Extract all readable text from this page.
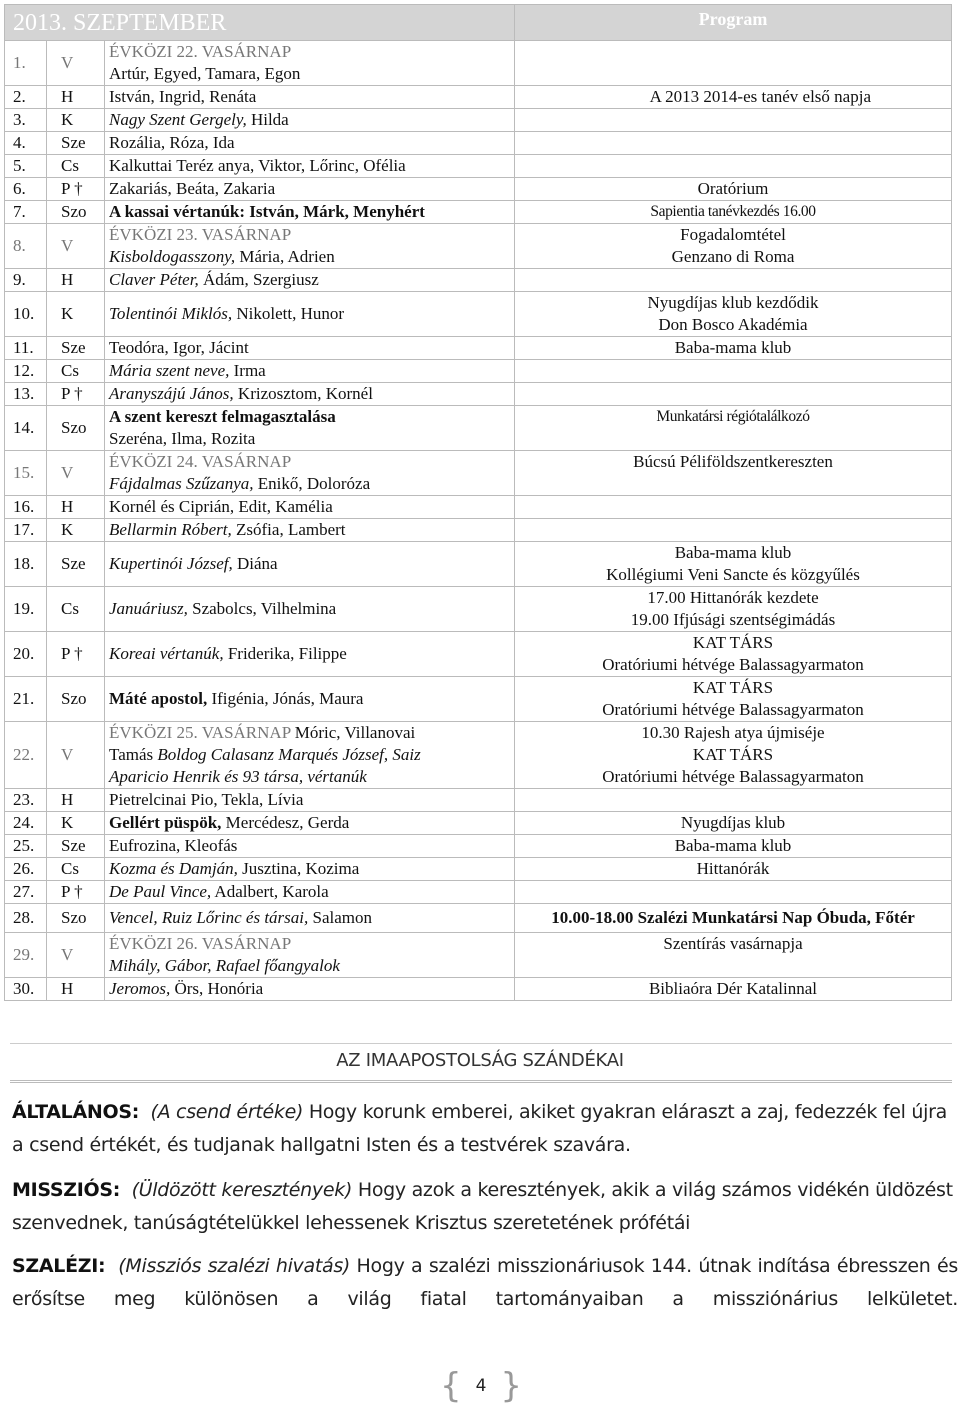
2013. SZEPTEMBER			Program
1.	V	ÉVKÖZI 22. VASÁRNAP
Artúr, Egyed, Tamara, Egon	

2.	H	István, Ingrid, Renáta	A 2013 2014-es tanév első napja

3.	K	Nagy Szent Gergely, Hilda	

4.	Sze	Rozália, Róza, Ida	

5.	Cs	Kalkuttai Teréz anya, Viktor, Lőrinc, Ofélia	

6.	P †	Zakariás, Beáta, Zakaria	Oratórium

7.	Szo	A kassai vértanúk: István, Márk, Menyhért	Sapientia tanévkezdés 16.00

8.	V	ÉVKÖZI 23. VASÁRNAP
Kisboldogasszony, Mária, Adrien	Fogadalomtétel
Genzano di Roma

9.	H	Claver Péter, Ádám, Szergiusz	

10.	K	Tolentinói Miklós, Nikolett, Hunor	Nyugdíjas klub kezdődik
Don Bosco Akadémia

11.	Sze	Teodóra, Igor, Jácint	Baba-mama klub

12.	Cs	Mária szent neve, Irma	

13.	P †	Aranyszájú János, Krizosztom, Kornél	

14.	Szo	A szent kereszt felmagasztalása
Szeréna, Ilma, Rozita	Munkatársi régiótalálkozó

15.	V	ÉVKÖZI 24. VASÁRNAP
Fájdalmas Szűzanya, Enikő, Doloróza	Búcsú Péliföldszentkereszten

16.	H	Kornél és Ciprián, Edit, Kamélia	

17.	K	Bellarmin Róbert, Zsófia, Lambert	

18.	Sze	Kupertinói József, Diána	Baba-mama klub
Kollégiumi Veni Sancte és közgyűlés

19.	Cs	Januáriusz, Szabolcs, Vilhelmina	17.00 Hittanórák kezdete
19.00 Ifjúsági szentségimádás

20.	P †	Koreai vértanúk, Friderika, Filippe	KAT TÁRS
Oratóriumi hétvége Balassagyarmaton

21.	Szo	Máté apostol, Ifigénia, Jónás, Maura	KAT TÁRS
Oratóriumi hétvége Balassagyarmaton

22.	V	ÉVKÖZI 25. VASÁRNAP Móric, Villanovai
Tamás Boldog Calasanz Marqués József, Saiz
Aparicio Henrik és 93 társa, vértanúk	10.30 Rajesh atya újmiséje
KAT TÁRS
Oratóriumi hétvége Balassagyarmaton

23.	H	Pietrelcinai Pio, Tekla, Lívia	

24.	K	Gellért püspök, Mercédesz, Gerda	Nyugdíjas klub

25.	Sze	Eufrozina, Kleofás	Baba-mama klub

26.	Cs	Kozma és Damján, Jusztina, Kozima	Hittanórák

27.	P †	De Paul Vince, Adalbert, Karola	

28.	Szo	Vencel, Ruiz Lőrinc és társai, Salamon	10.00-18.00 Szalézi Munkatársi Nap Óbuda, Főtér

29.	V	ÉVKÖZI 26. VASÁRNAP
Mihály, Gábor, Rafael főangyalok	Szentírás vasárnapja

30.	H	Jeromos, Örs, Honória	Bibliaóra Dér Katalinnal
AZ IMAAPOSTOLSÁG SZÁNDÉKAI
ÁLTALÁNOS: (A csend értéke) Hogy korunk emberei, akiket gyakran eláraszt a zaj, fedezzék fel újra a csend értékét, és tudjanak hallgatni Isten és a testvérek szavára.
MISSZIÓS: (Üldözött keresztények) Hogy azok a keresztények, akik a világ számos vidékén üldözést szenvednek, tanúságtételükkel lehessenek Krisztus szeretetének prófétái
SZALÉZI: (Missziós szalézi hivatás) Hogy a szalézi misszionáriusok 144. útnak indítása ébresszen és erősítse meg különösen a világ fiatal tartományaiban a missziónárius lelkületet.
{ }
4
